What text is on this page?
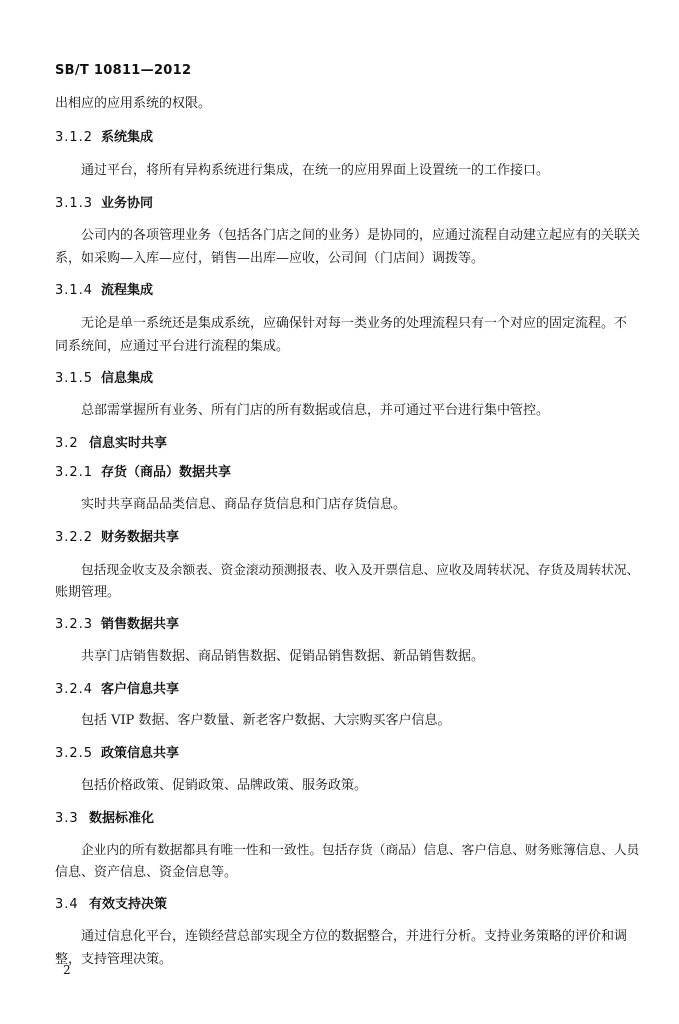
SB/T 10811—2012
出相应的应用系统的权限。
3.1.2 系统集成
通过平台，将所有异构系统进行集成，在统一的应用界面上设置统一的工作接口。
3.1.3 业务协同
公司内的各项管理业务（包括各门店之间的业务）是协同的，应通过流程自动建立起应有的关联关
系，如采购—入库—应付，销售—出库—应收，公司间（门店间）调拨等。
3.1.4 流程集成
无论是单一系统还是集成系统，应确保针对每一类业务的处理流程只有一个对应的固定流程。不
同系统间，应通过平台进行流程的集成。
3.1.5 信息集成
总部需掌握所有业务、所有门店的所有数据或信息，并可通过平台进行集中管控。
3.2 信息实时共享
3.2.1 存货（商品）数据共享
实时共享商品品类信息、商品存货信息和门店存货信息。
3.2.2 财务数据共享
包括现金收支及余额表、资金滚动预测报表、收入及开票信息、应收及周转状况、存货及周转状况、
账期管理。
3.2.3 销售数据共享
共享门店销售数据、商品销售数据、促销品销售数据、新品销售数据。
3.2.4 客户信息共享
包括 VIP 数据、客户数量、新老客户数据、大宗购买客户信息。
3.2.5 政策信息共享
包括价格政策、促销政策、品牌政策、服务政策。
3.3 数据标准化
企业内的所有数据都具有唯一性和一致性。包括存货（商品）信息、客户信息、财务账簿信息、人员
信息、资产信息、资金信息等。
3.4 有效支持决策
通过信息化平台，连锁经营总部实现全方位的数据整合，并进行分析。支持业务策略的评价和调
整，支持管理决策。
2
